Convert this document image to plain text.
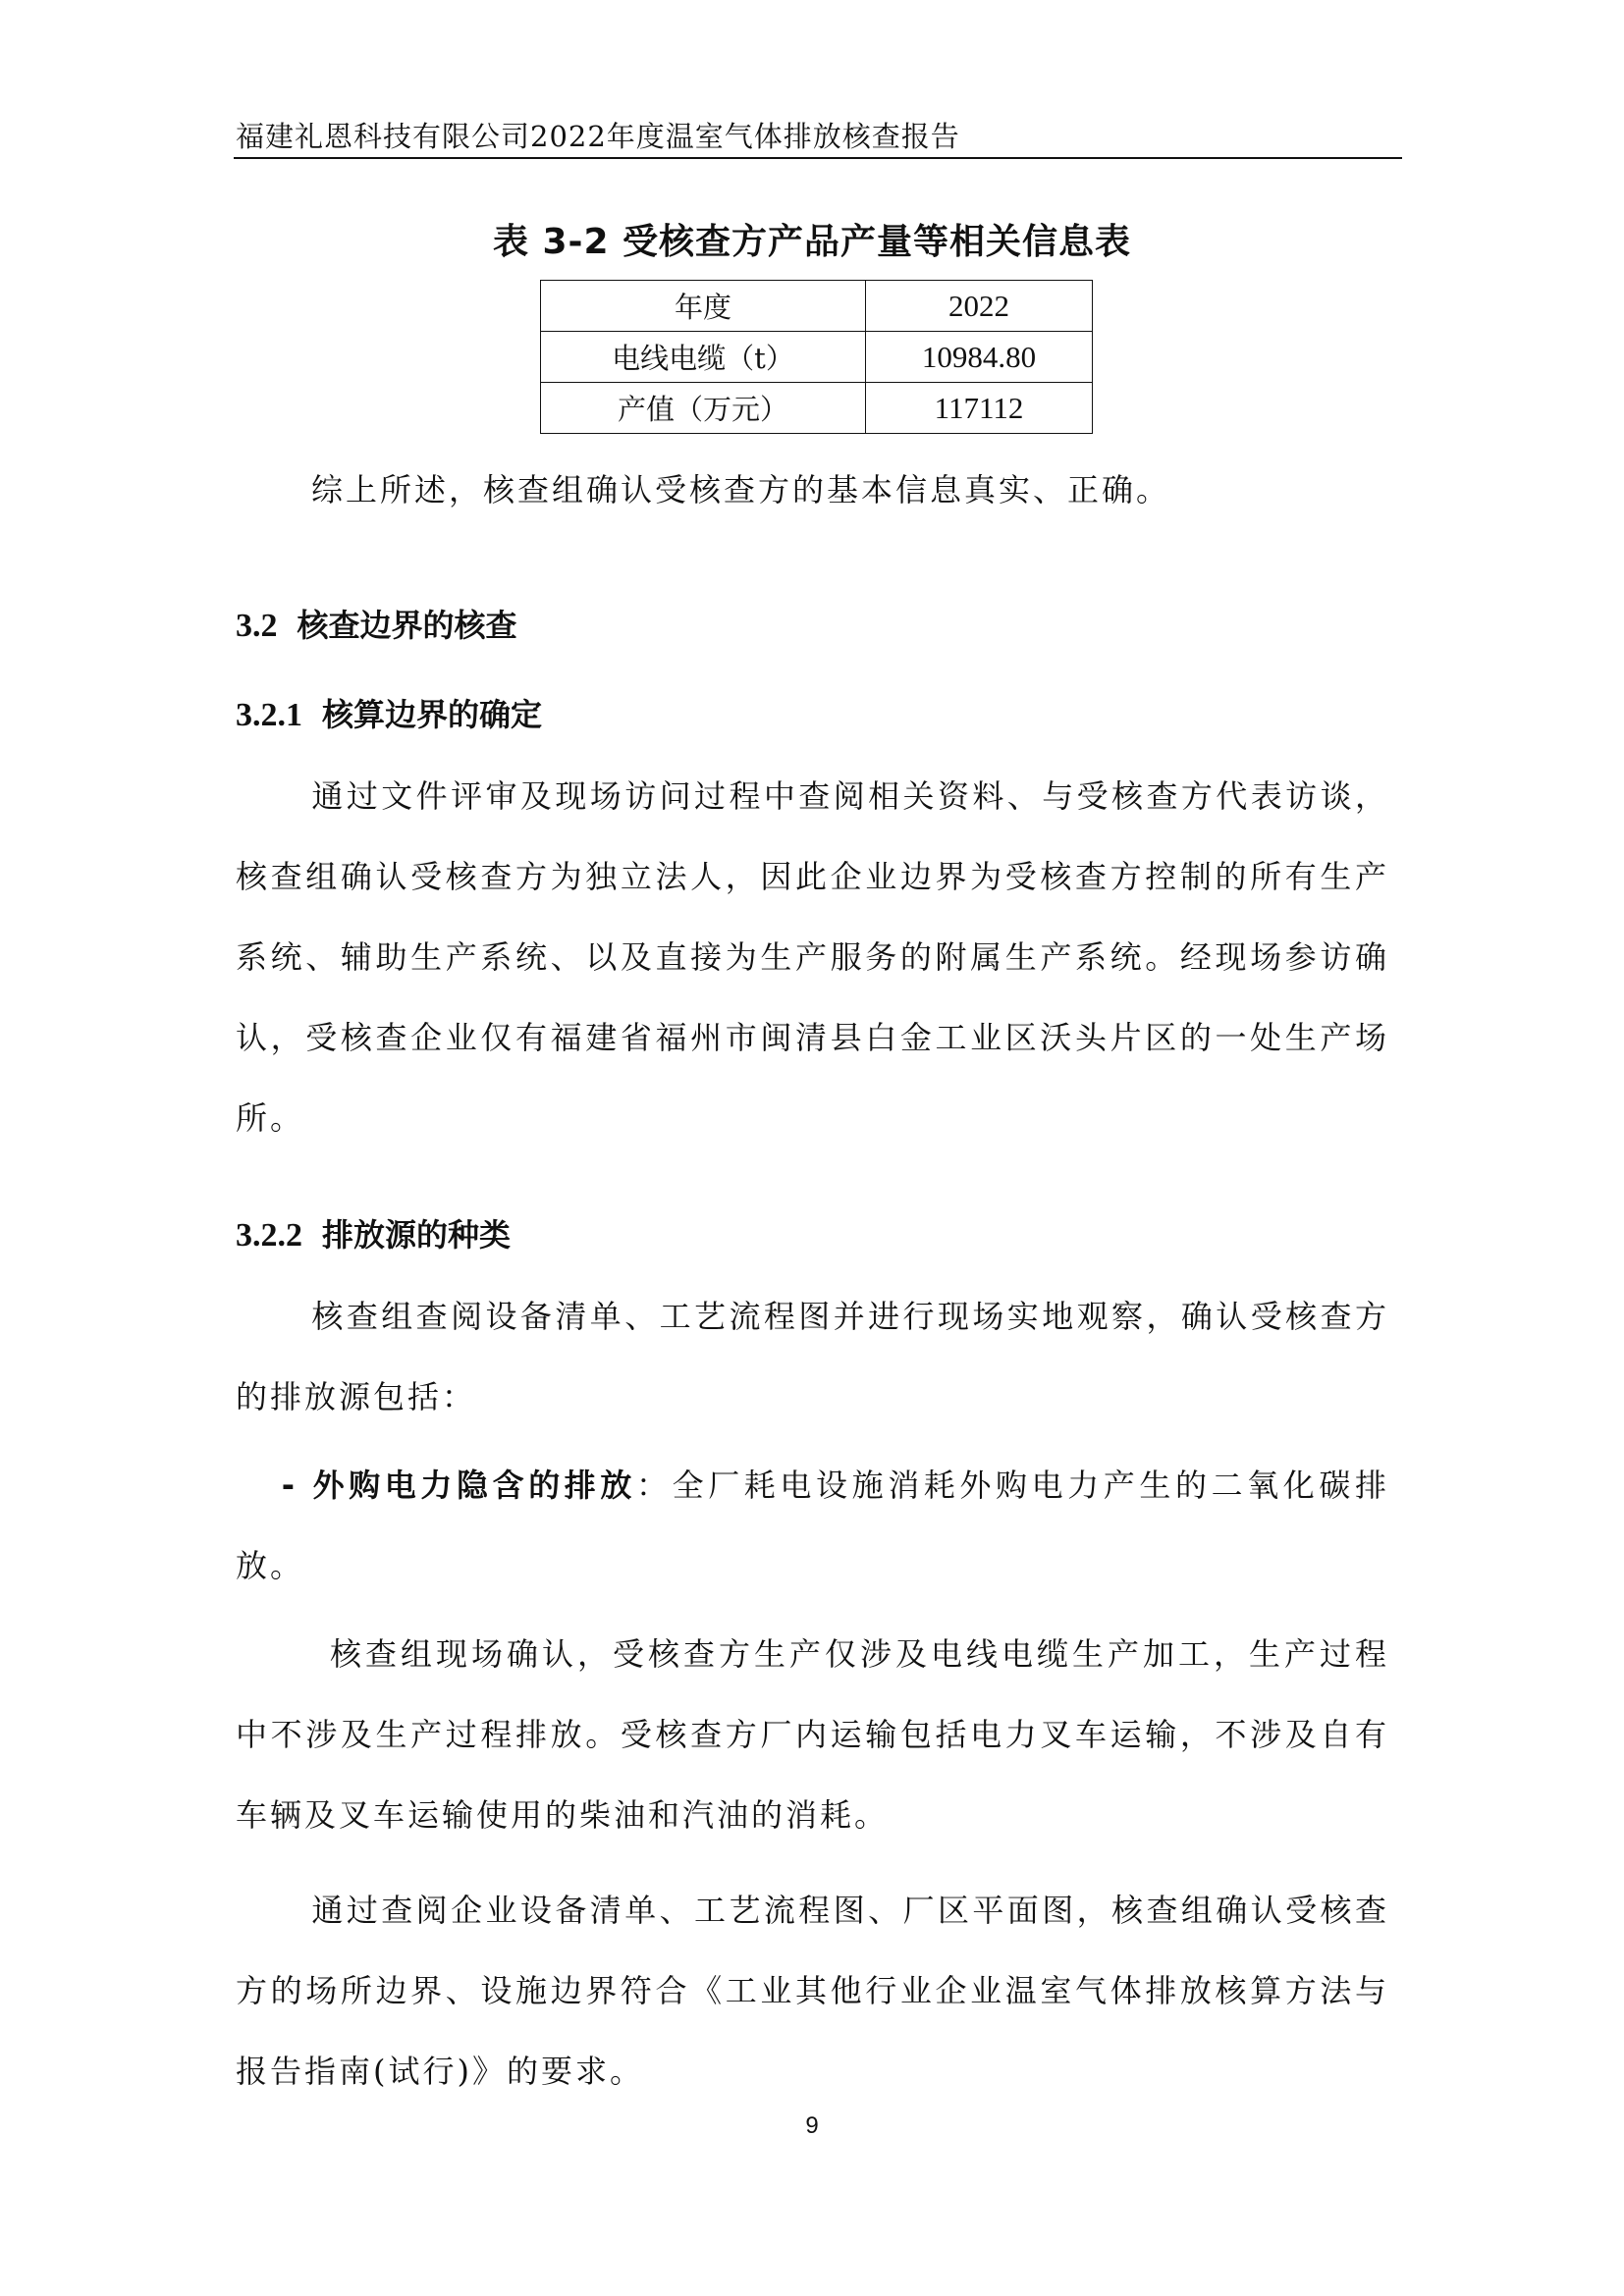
福建礼恩科技有限公司2022年度温室气体排放核查报告
表 3-2 受核查方产品产量等相关信息表
年度	2022
电线电缆（t）	10984.80
产值（万元）	117112
综上所述，核查组确认受核查方的基本信息真实、正确。
3.2 核查边界的核查
3.2.1 核算边界的确定
通过文件评审及现场访问过程中查阅相关资料、与受核查方代表访谈，核查组确认受核查方为独立法人，因此企业边界为受核查方控制的所有生产系统、辅助生产系统、以及直接为生产服务的附属生产系统。经现场参访确认，受核查企业仅有福建省福州市闽清县白金工业区沃头片区的一处生产场所。
3.2.2 排放源的种类
核查组查阅设备清单、工艺流程图并进行现场实地观察，确认受核查方的排放源包括：
- 外购电力隐含的排放：全厂耗电设施消耗外购电力产生的二氧化碳排放。
核查组现场确认，受核查方生产仅涉及电线电缆生产加工，生产过程中不涉及生产过程排放。受核查方厂内运输包括电力叉车运输，不涉及自有车辆及叉车运输使用的柴油和汽油的消耗。
通过查阅企业设备清单、工艺流程图、厂区平面图，核查组确认受核查方的场所边界、设施边界符合《工业其他行业企业温室气体排放核算方法与报告指南(试行)》的要求。
9
